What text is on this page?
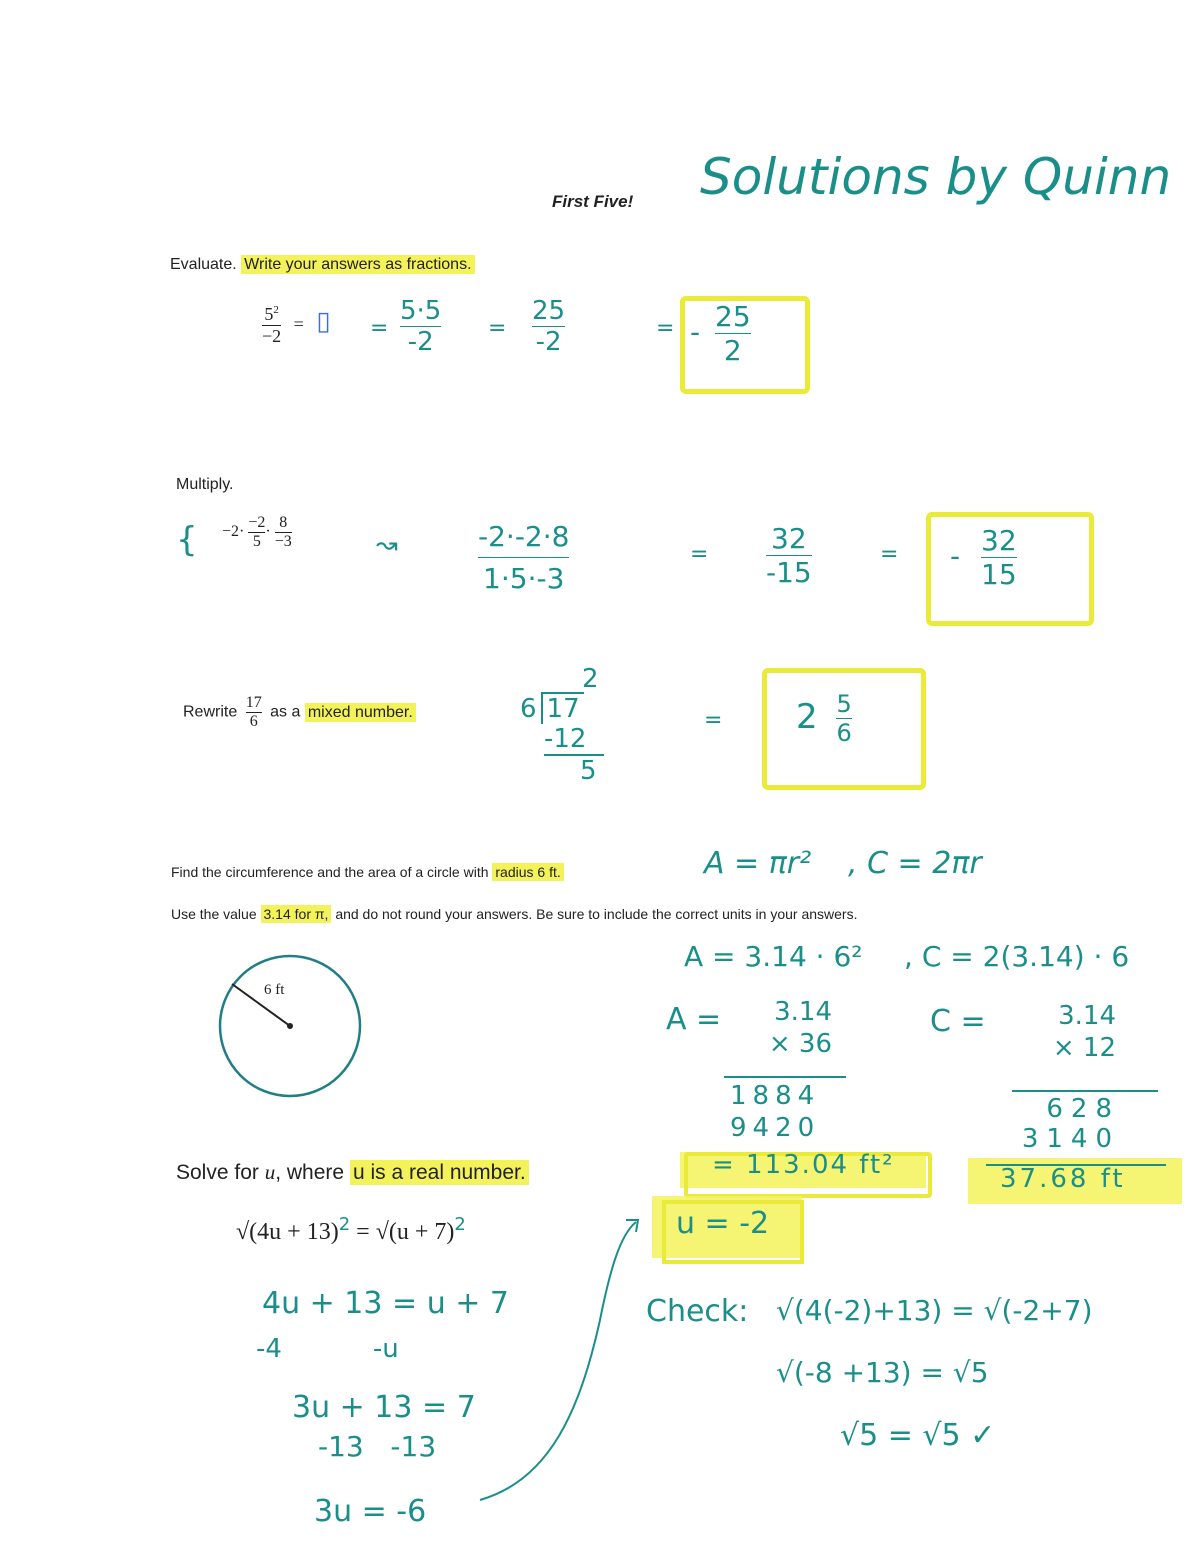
First Five! Solutions by Quinn
Evaluate. Write your answers as fractions.
$\frac{5^2}{-2}$ = ▯ = $\frac{5\cdot 5}{-2} = \frac{25}{-2}$	= - $\frac{25}{2}$
Multiply.
$-2\cdot \frac{-2}{5} \cdot \frac{8}{-3}$
{	↝	$\frac{-2\cdot-2\cdot 8}{1\cdot 5\cdot-3}$	= $\frac{32}{-15}$	= - $\frac{32}{15}$
Rewrite $\frac{17}{6}$ as a mixed number.
2
6 17
-12
5
= $2 \frac{5}{6}$
Find the circumference and the area of a circle with radius 6 ft.	A = πr² , C = 2πr
Use the value 3.14 for π, and do not round your answers. Be sure to include the correct units in your answers.
6 ft
A = 3.14 · 6² , C = 2(3.14) · 6
A =	3.14
× 36
1884
9420
= 113.04 ft²
C =	3.14
× 12
628
3140
37.68 ft
Solve for u, where u is a real number.
$√(4u + 13)^2 = √(u + 7)^2$
4u + 13 = u + 7
-4           -u
3u + 13 = 7
-13   -13
3u = -6
u = -2
Check: √(4(-2)+13) = √(-2+7)
√(-8 +13) = √5
√5 = √5 ✓
